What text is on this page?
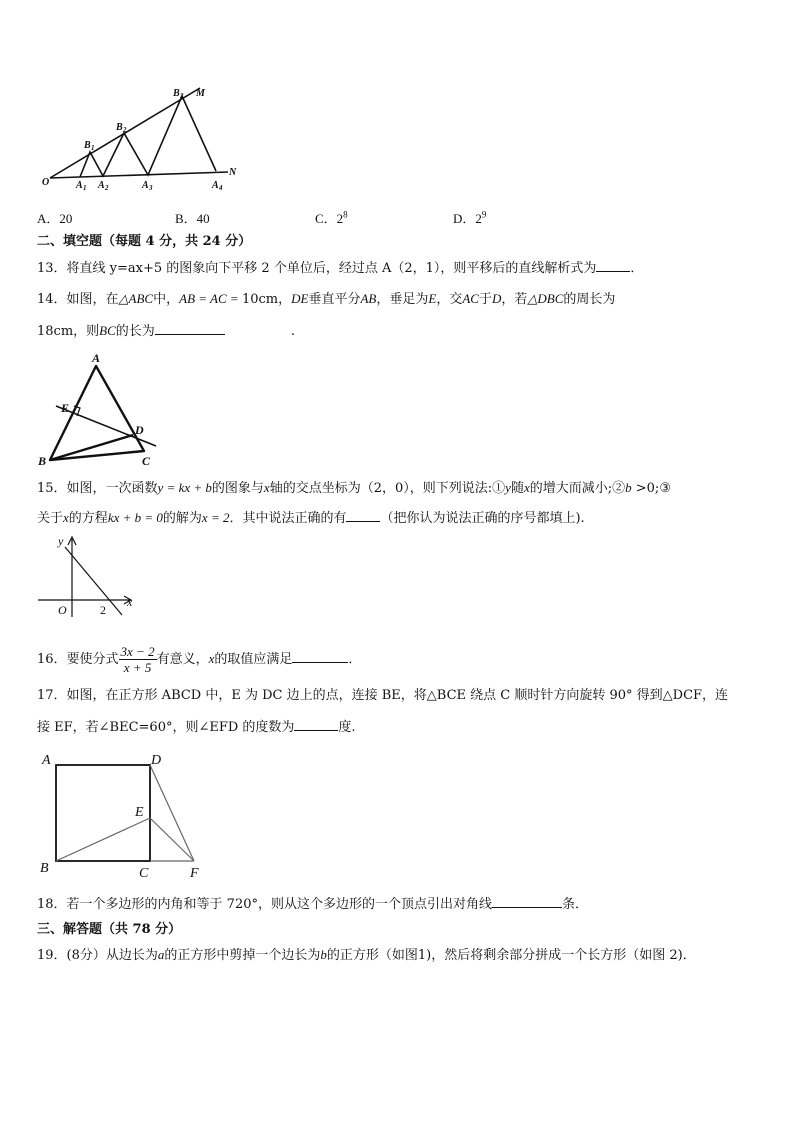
O	A 1 A 2	A 3	A 4
B 1
B 2
B 3 M
N
A．20	B．40	C．$2^8$	D．$2^9$
二、填空题（每题 4 分，共 24 分）
13．将直线 y=ax+5 的图象向下平移 2 个单位后，经过点 A（2，1），则平移后的直线解析式为	．
14．如图，在△ABC中，AB = AC = 10cm，DE垂直平分AB，垂足为E，交AC于D，若△DBC的周长为
18cm，则BC的长为	.
A
B	C
D
E
15．如图，一次函数y = kx + b的图象与x轴的交点坐标为（2，0），则下列说法:①y随x的增大而减小;②b >0;③
关于x的方程kx + b = 0的解为x = 2．其中说法正确的有	（把你认为说法正确的序号都填上).
y
x
O	2
16．要使分式 $\frac{3x - 2}{x + 5}$ 有意义，x的取值应满足	．
17．如图，在正方形 ABCD 中，E 为 DC 边上的点，连接 BE，将△BCE 绕点 C 顺时针方向旋转 90° 得到△DCF，连
接 EF，若∠BEC=60°，则∠EFD 的度数为	度.
A	D
E
B	C	F
18．若一个多边形的内角和等于 720°，则从这个多边形的一个顶点引出对角线	条．
三、解答题（共 78 分）
19．(8分）从边长为a的正方形中剪掉一个边长为b的正方形（如图1)，然后将剩余部分拼成一个长方形（如图 2)．
